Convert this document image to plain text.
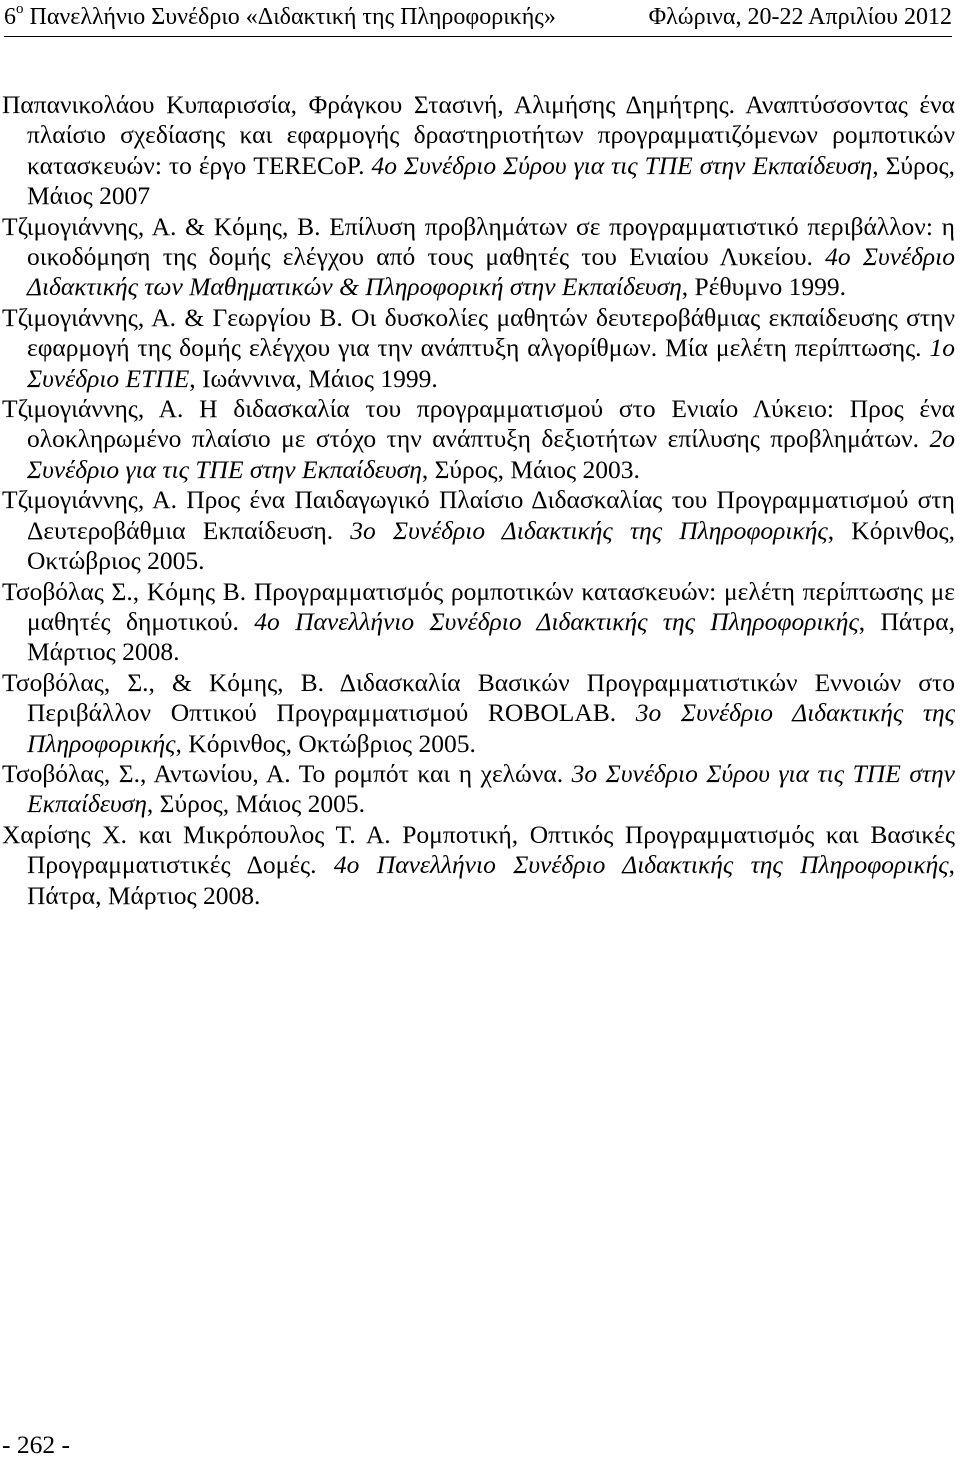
$6^o$ Πανελλήνιο Συνέδριο «Διδακτική της Πληροφορικής»	Φλώρινα, 20-22 Απριλίου 2012

Παπανικολάου Κυπαρισσία, Φράγκου Στασινή, Αλιμήσης Δημήτρης. Αναπτύσσοντας ένα πλαίσιο σχεδίασης και εφαρμογής δραστηριοτήτων προγραμματιζόμενων ρομποτικών κατασκευών: το έργο TERECoP. 4ο Συνέδριο Σύρου για τις ΤΠΕ στην Εκπαίδευση, Σύρος, Μάιος 2007

Τζιμογιάννης, Α. & Κόμης, Β. Επίλυση προβλημάτων σε προγραμματιστικό περιβάλλον: η οικοδόμηση της δομής ελέγχου από τους μαθητές του Ενιαίου Λυκείου. 4ο Συνέδριο Διδακτικής των Μαθηματικών & Πληροφορική στην Εκπαίδευση, Ρέθυμνο 1999.

Τζιμογιάννης, Α. & Γεωργίου Β. Οι δυσκολίες μαθητών δευτεροβάθμιας εκπαίδευσης στην εφαρμογή της δομής ελέγχου για την ανάπτυξη αλγορίθμων. Μία μελέτη περίπτωσης. 1ο Συνέδριο ΕΤΠΕ, Ιωάννινα, Μάιος 1999.

Τζιμογιάννης, Α. Η διδασκαλία του προγραμματισμού στο Ενιαίο Λύκειο: Προς ένα ολοκληρωμένο πλαίσιο με στόχο την ανάπτυξη δεξιοτήτων επίλυσης προβλημάτων. 2ο Συνέδριο για τις ΤΠΕ στην Εκπαίδευση, Σύρος, Μάιος 2003.

Τζιμογιάννης, Α. Προς ένα Παιδαγωγικό Πλαίσιο Διδασκαλίας του Προγραμματισμού στη Δευτεροβάθμια Εκπαίδευση. 3ο Συνέδριο Διδακτικής της Πληροφορικής, Κόρινθος, Οκτώβριος 2005.

Τσοβόλας Σ., Κόμης Β. Προγραμματισμός ρομποτικών κατασκευών: μελέτη περίπτωσης με μαθητές δημοτικού. 4ο Πανελλήνιο Συνέδριο Διδακτικής της Πληροφορικής, Πάτρα, Μάρτιος 2008.

Τσοβόλας, Σ., & Κόμης, Β. Διδασκαλία Βασικών Προγραμματιστικών Εννοιών στο Περιβάλλον Οπτικού Προγραμματισμού ROBOLAB. 3ο Συνέδριο Διδακτικής της Πληροφορικής, Κόρινθος, Οκτώβριος 2005.

Τσοβόλας, Σ., Αντωνίου, Α. Το ρομπότ και η χελώνα. 3ο Συνέδριο Σύρου για τις ΤΠΕ στην Εκπαίδευση, Σύρος, Μάιος 2005.

Χαρίσης Χ. και Μικρόπουλος Τ. Α. Ρομποτική, Οπτικός Προγραμματισμός και Βασικές Προγραμματιστικές Δομές. 4ο Πανελλήνιο Συνέδριο Διδακτικής της Πληροφορικής, Πάτρα, Μάρτιος 2008.

- 262 -
